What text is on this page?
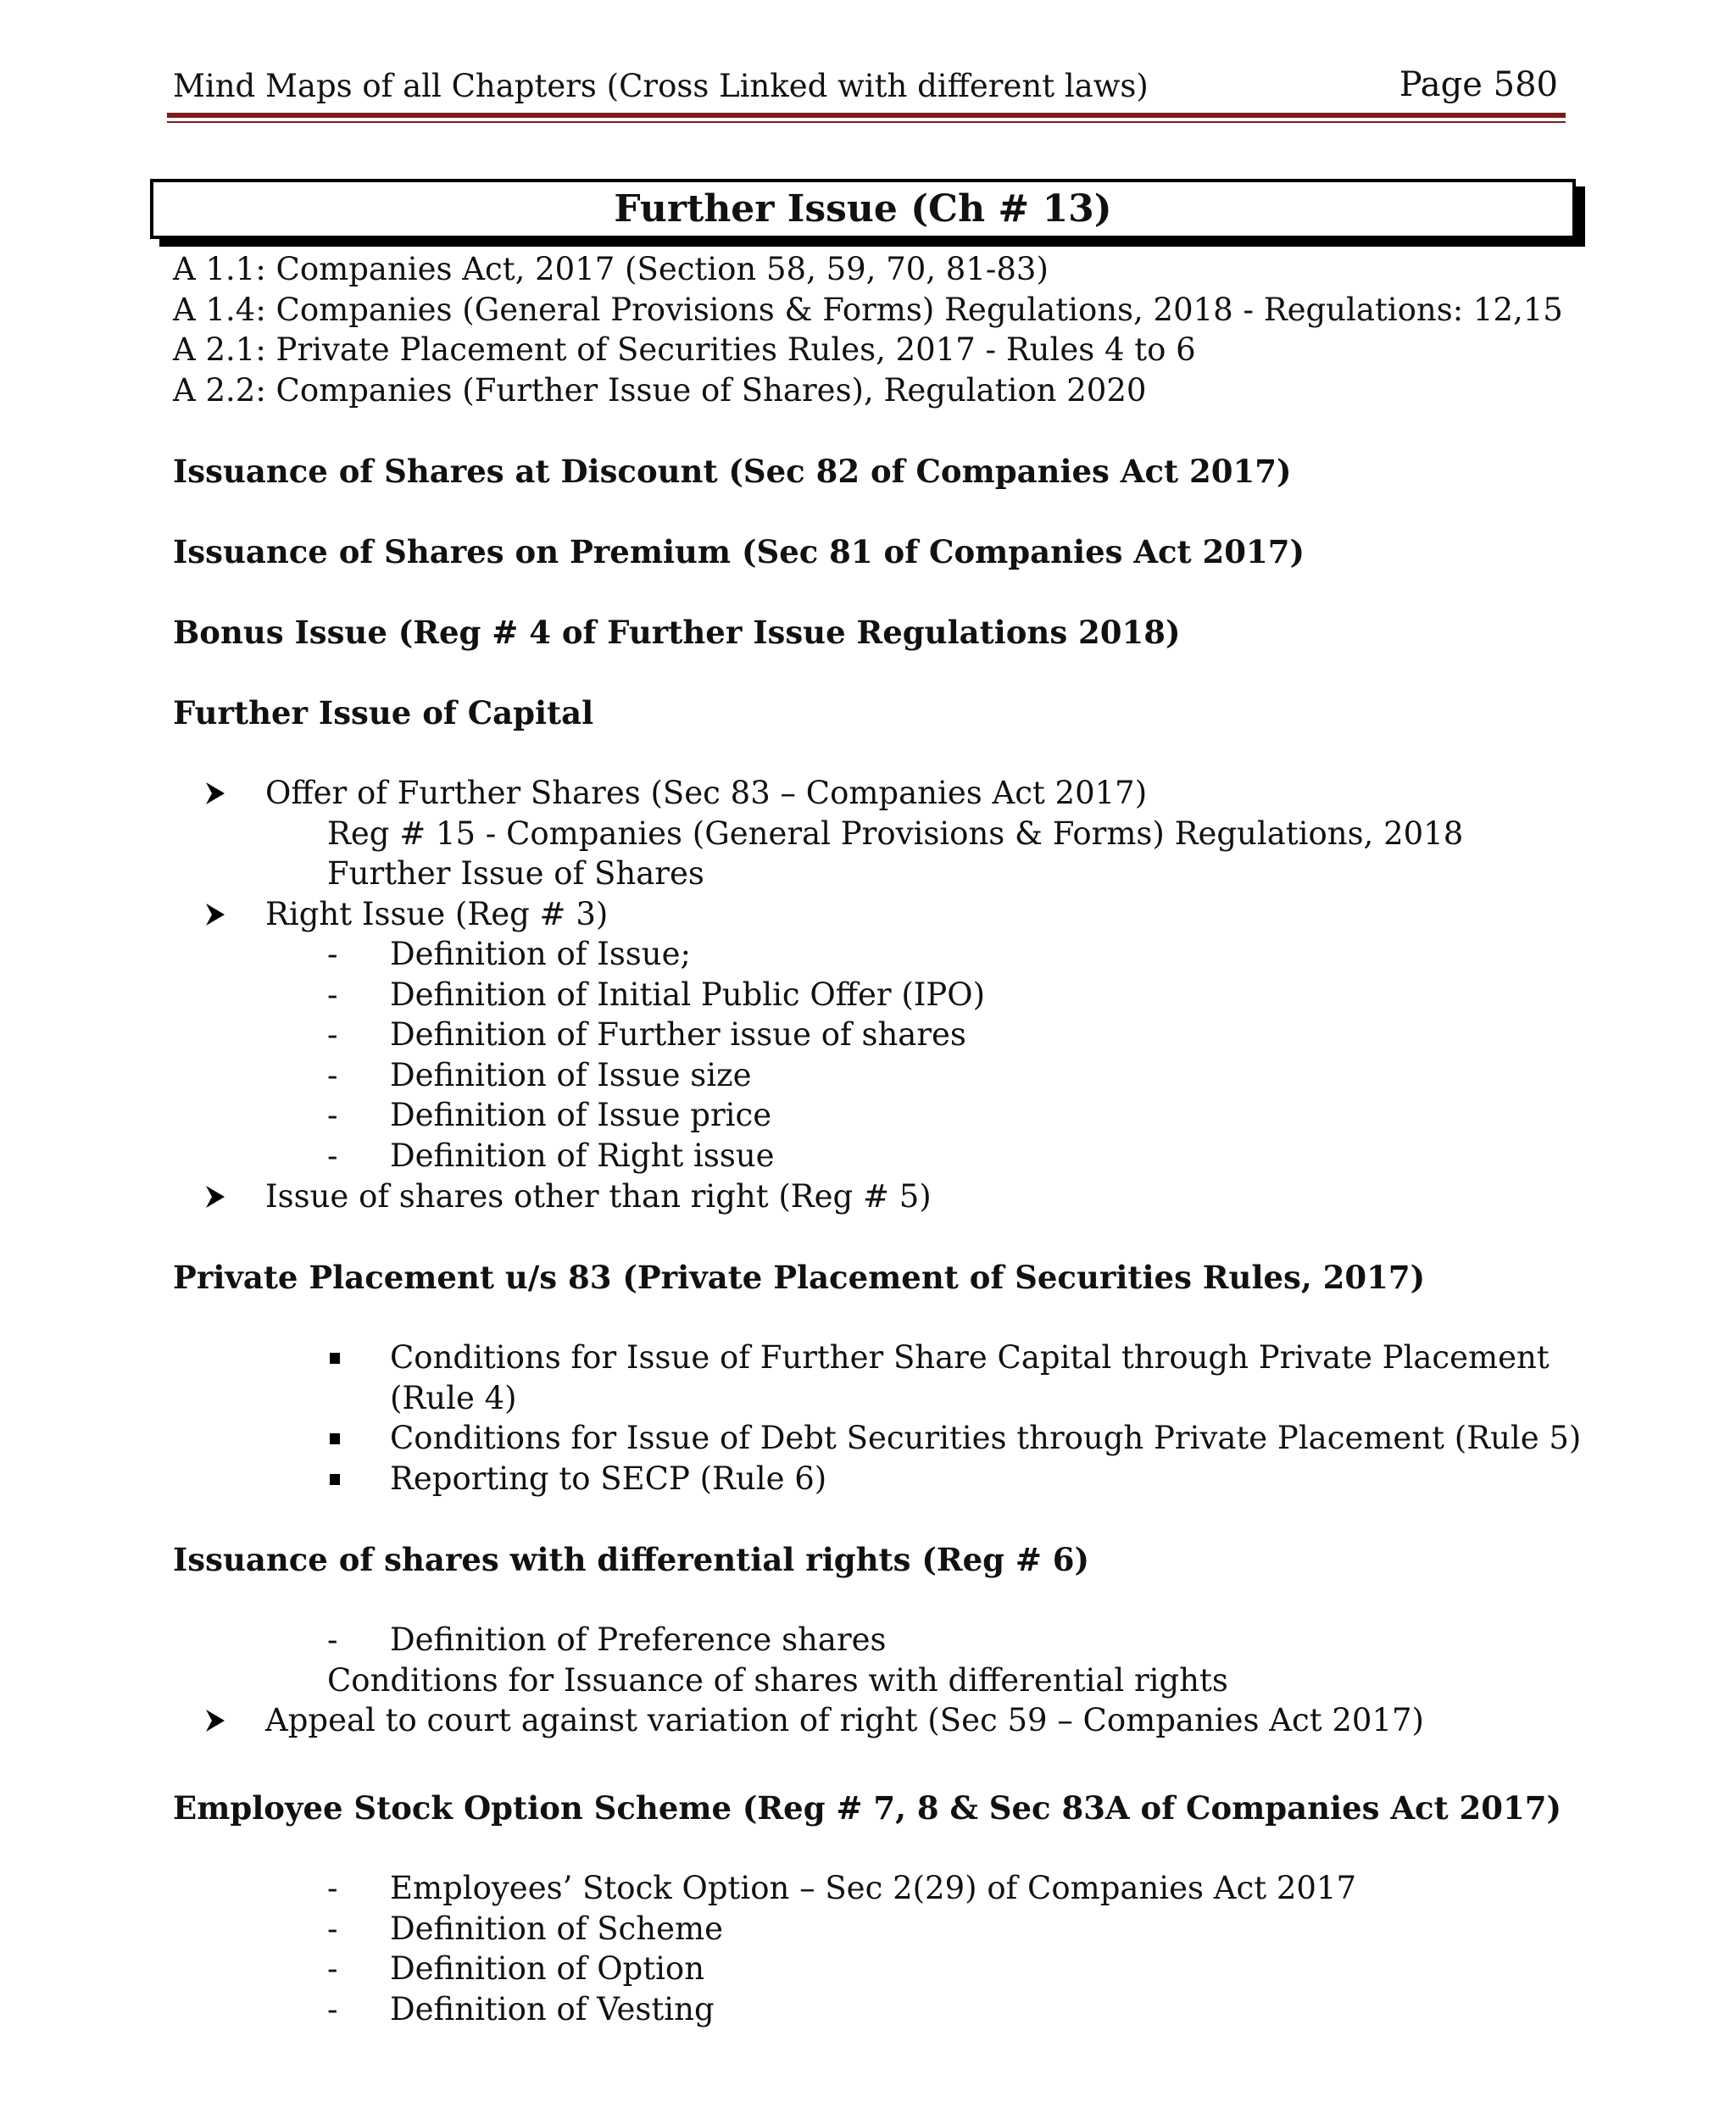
Mind Maps of all Chapters (Cross Linked with different laws)	Page 580
Further Issue (Ch # 13)
A 1.1: Companies Act, 2017 (Section 58, 59, 70, 81-83)
A 1.4: Companies (General Provisions & Forms) Regulations, 2018 - Regulations: 12,15
A 2.1: Private Placement of Securities Rules, 2017 - Rules 4 to 6
A 2.2: Companies (Further Issue of Shares), Regulation 2020
Issuance of Shares at Discount (Sec 82 of Companies Act 2017)
Issuance of Shares on Premium (Sec 81 of Companies Act 2017)
Bonus Issue (Reg # 4 of Further Issue Regulations 2018)
Further Issue of Capital
Offer of Further Shares (Sec 83 – Companies Act 2017)
Reg # 15 - Companies (General Provisions & Forms) Regulations, 2018
Further Issue of Shares
Right Issue (Reg # 3)
- Definition of Issue;
- Definition of Initial Public Offer (IPO)
- Definition of Further issue of shares
- Definition of Issue size
- Definition of Issue price
- Definition of Right issue
Issue of shares other than right (Reg # 5)
Private Placement u/s 83 (Private Placement of Securities Rules, 2017)
Conditions for Issue of Further Share Capital through Private Placement
(Rule 4)
Conditions for Issue of Debt Securities through Private Placement (Rule 5)
Reporting to SECP (Rule 6)
Issuance of shares with differential rights (Reg # 6)
- Definition of Preference shares
Conditions for Issuance of shares with differential rights
Appeal to court against variation of right (Sec 59 – Companies Act 2017)
Employee Stock Option Scheme (Reg # 7, 8 & Sec 83A of Companies Act 2017)
- Employees’ Stock Option – Sec 2(29) of Companies Act 2017
- Definition of Scheme
- Definition of Option
- Definition of Vesting
